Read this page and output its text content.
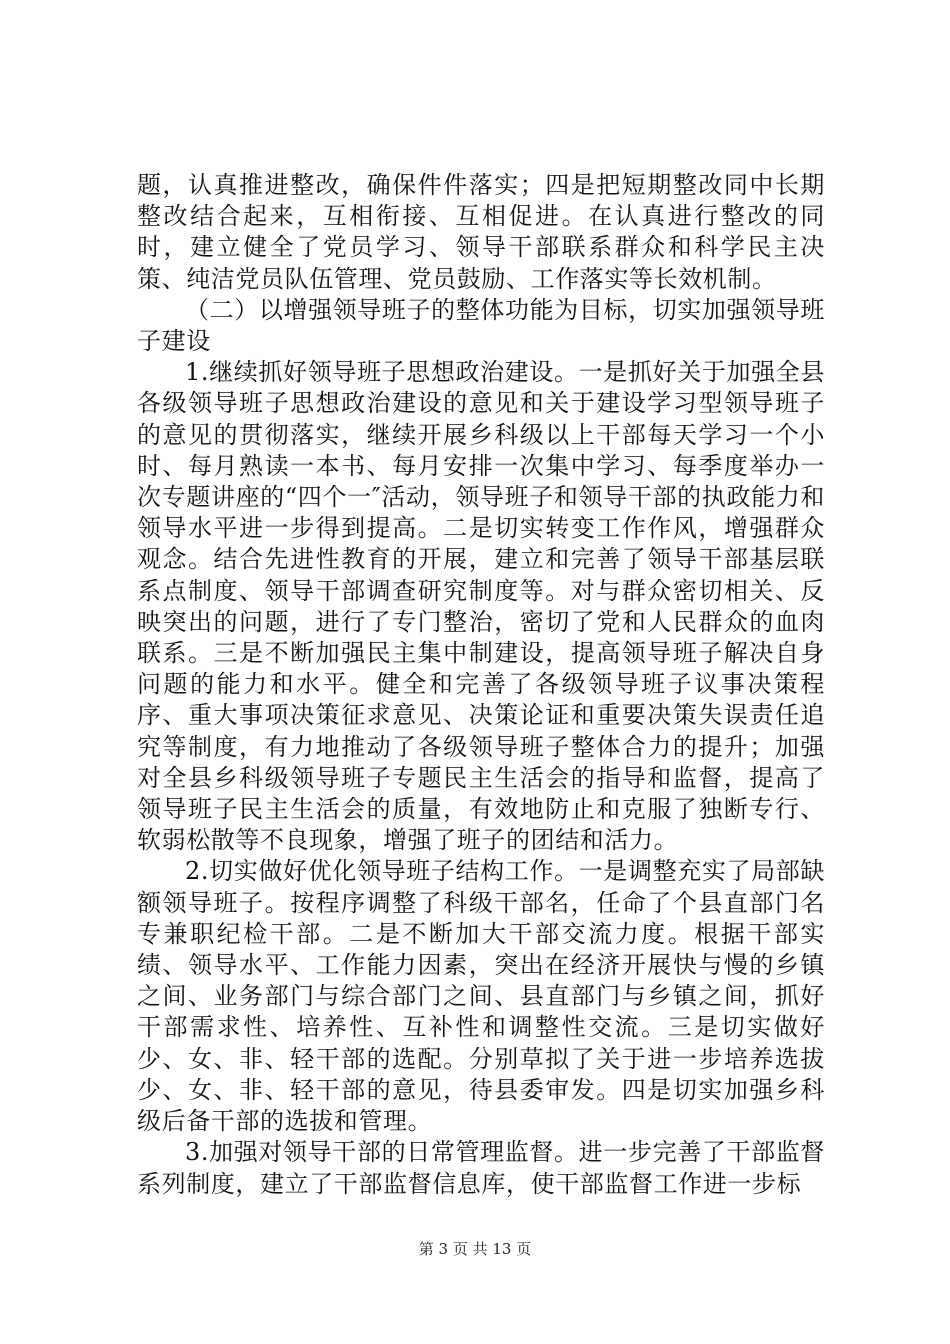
题，认真推进整改，确保件件落实；四是把短期整改同中长期整改结合起来，互相衔接、互相促进。在认真进行整改的同时，建立健全了党员学习、领导干部联系群众和科学民主决策、纯洁党员队伍管理、党员鼓励、工作落实等长效机制。

（二）以增强领导班子的整体功能为目标，切实加强领导班子建设

1.继续抓好领导班子思想政治建设。一是抓好关于加强全县各级领导班子思想政治建设的意见和关于建设学习型领导班子的意见的贯彻落实，继续开展乡科级以上干部每天学习一个小时、每月熟读一本书、每月安排一次集中学习、每季度举办一次专题讲座的“四个一″活动，领导班子和领导干部的执政能力和领导水平进一步得到提高。二是切实转变工作作风，增强群众观念。结合先进性教育的开展，建立和完善了领导干部基层联系点制度、领导干部调查研究制度等。对与群众密切相关、反映突出的问题，进行了专门整治，密切了党和人民群众的血肉联系。三是不断加强民主集中制建设，提高领导班子解决自身问题的能力和水平。健全和完善了各级领导班子议事决策程序、重大事项决策征求意见、决策论证和重要决策失误责任追究等制度，有力地推动了各级领导班子整体合力的提升；加强对全县乡科级领导班子专题民主生活会的指导和监督，提高了领导班子民主生活会的质量，有效地防止和克服了独断专行、软弱松散等不良现象，增强了班子的团结和活力。

2.切实做好优化领导班子结构工作。一是调整充实了局部缺额领导班子。按程序调整了科级干部名，任命了个县直部门名专兼职纪检干部。二是不断加大干部交流力度。根据干部实绩、领导水平、工作能力因素，突出在经济开展快与慢的乡镇之间、业务部门与综合部门之间、县直部门与乡镇之间，抓好干部需求性、培养性、互补性和调整性交流。三是切实做好少、女、非、轻干部的选配。分别草拟了关于进一步培养选拔少、女、非、轻干部的意见，待县委审发。四是切实加强乡科级后备干部的选拔和管理。

3.加强对领导干部的日常管理监督。进一步完善了干部监督系列制度，建立了干部监督信息库，使干部监督工作进一步标

第 3 页 共 13 页
